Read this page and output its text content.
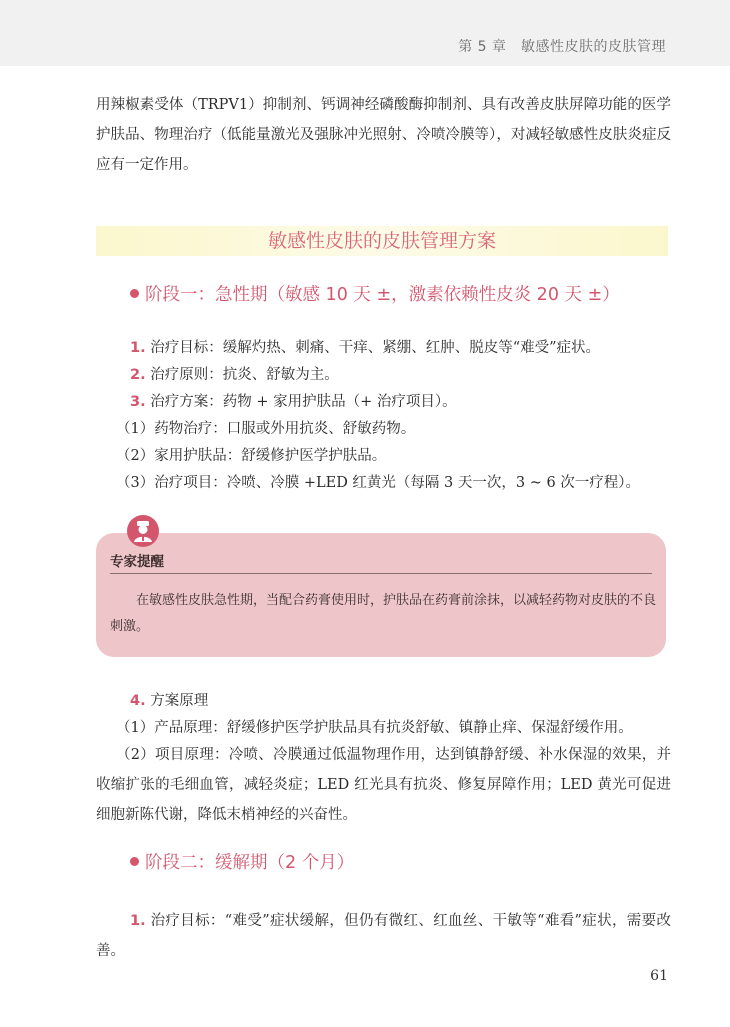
第 5 章　敏感性皮肤的皮肤管理

用辣椒素受体（TRPV1）抑制剂、钙调神经磷酸酶抑制剂、具有改善皮肤屏障功能的医学护肤品、物理治疗（低能量激光及强脉冲光照射、冷喷冷膜等），对减轻敏感性皮肤炎症反应有一定作用。

敏感性皮肤的皮肤管理方案
阶段一：急性期（敏感 10 天 ±，激素依赖性皮炎 20 天 ±）
1. 治疗目标：缓解灼热、刺痛、干痒、紧绷、红肿、脱皮等“难受”症状。
2. 治疗原则：抗炎、舒敏为主。
3. 治疗方案：药物 + 家用护肤品（+ 治疗项目）。
（1）药物治疗：口服或外用抗炎、舒敏药物。
（2）家用护肤品：舒缓修护医学护肤品。
（3）治疗项目：冷喷、冷膜 +LED 红黄光（每隔 3 天一次，3 ~ 6 次一疗程）。
专家提醒

在敏感性皮肤急性期，当配合药膏使用时，护肤品在药膏前涂抹，以减轻药物对皮肤的不良刺激。

4. 方案原理
（1）产品原理：舒缓修护医学护肤品具有抗炎舒敏、镇静止痒、保湿舒缓作用。

（2）项目原理：冷喷、冷膜通过低温物理作用，达到镇静舒缓、补水保湿的效果，并收缩扩张的毛细血管，减轻炎症；LED 红光具有抗炎、修复屏障作用；LED 黄光可促进细胞新陈代谢，降低末梢神经的兴奋性。

阶段二：缓解期（2 个月）

1. 治疗目标：“难受”症状缓解，但仍有微红、红血丝、干敏等“难看”症状，需要改善。

61
